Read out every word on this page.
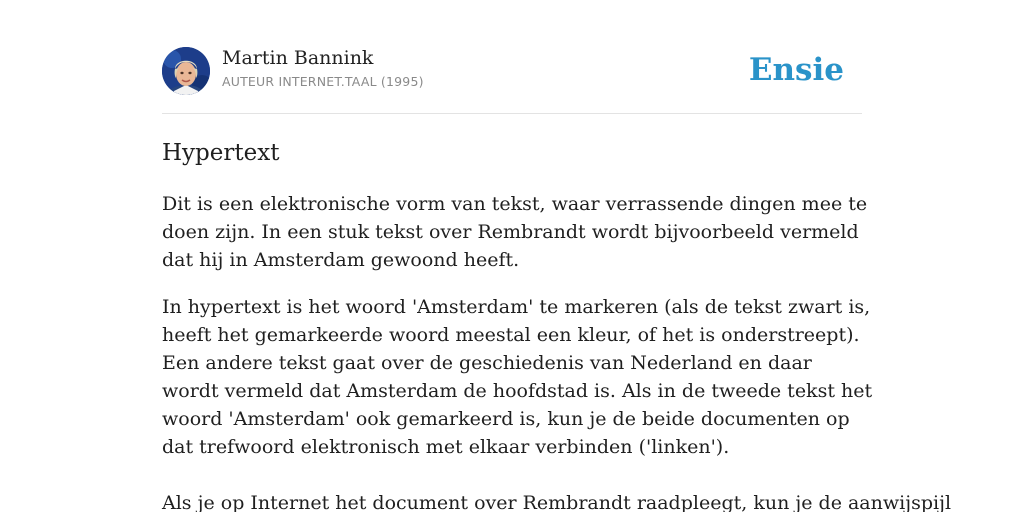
Martin Bannink
AUTEUR INTERNET.TAAL (1995)	Ensie
Hypertext

Dit is een elektronische vorm van tekst, waar verrassende dingen mee te doen zijn. In een stuk tekst over Rembrandt wordt bijvoorbeeld vermeld dat hij in Amsterdam gewoond heeft.

In hypertext is het woord 'Amsterdam' te markeren (als de tekst zwart is, heeft het gemarkeerde woord meestal een kleur, of het is onderstreept). Een andere tekst gaat over de geschiedenis van Nederland en daar wordt vermeld dat Amsterdam de hoofdstad is. Als in de tweede tekst het woord 'Amsterdam' ook gemarkeerd is, kun je de beide documenten op dat trefwoord elektronisch met elkaar verbinden ('linken').

Als je op Internet het document over Rembrandt raadpleegt, kun je de aanwijspijl
